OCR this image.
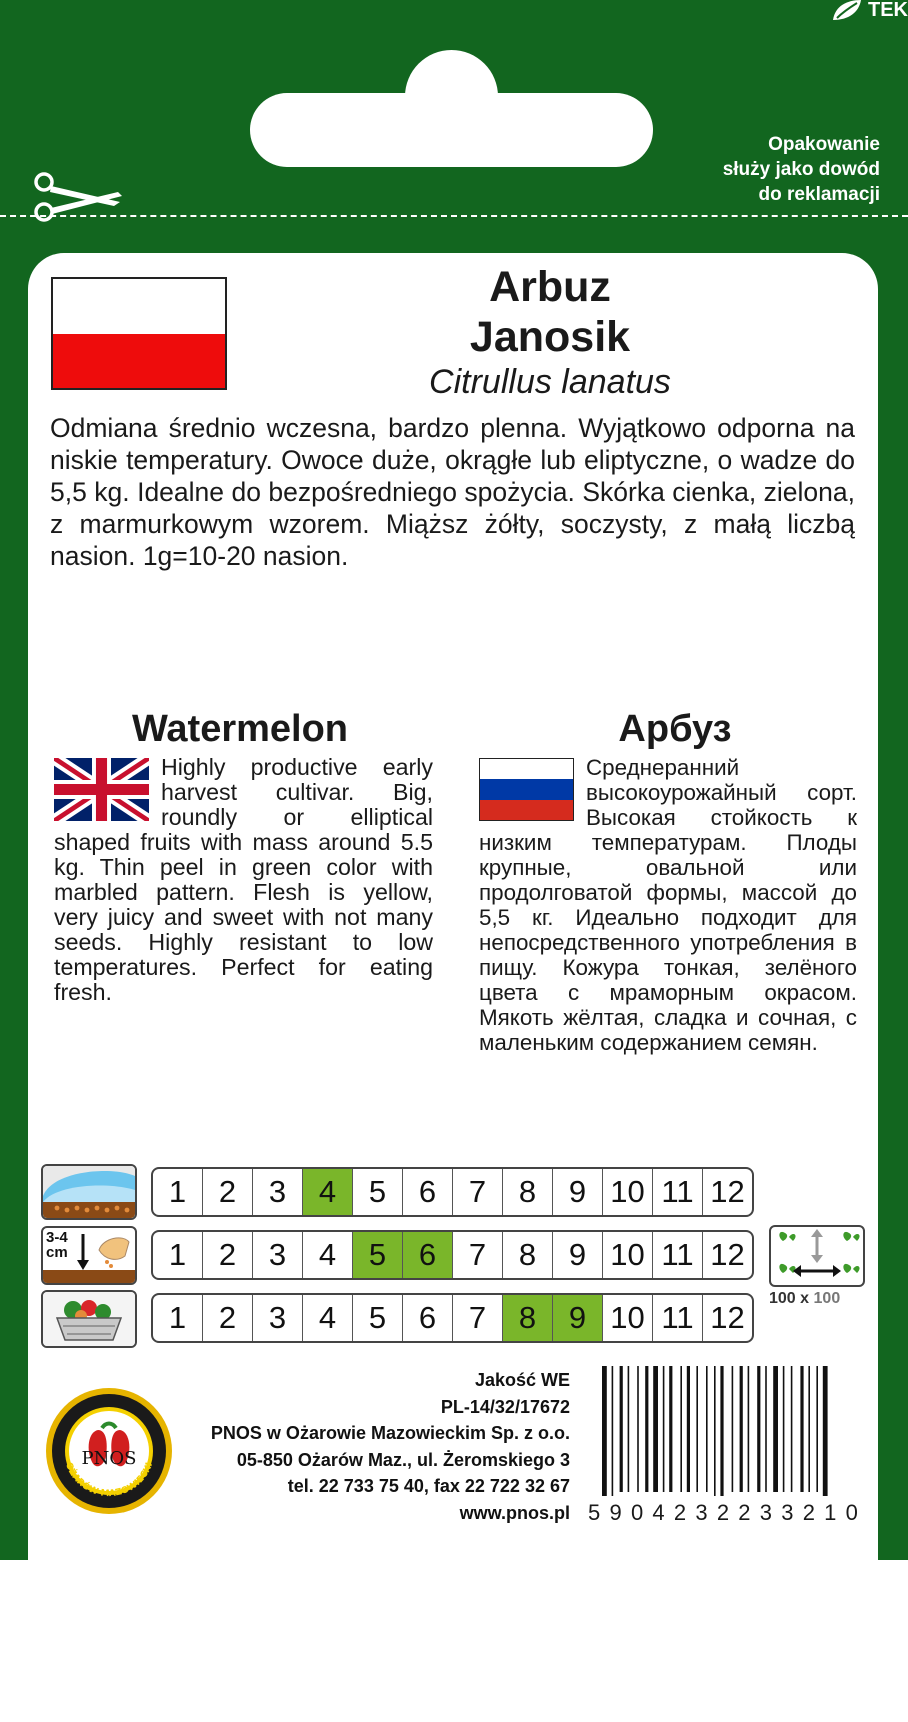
TEK
Opakowanie
służy jako dowód
do reklamacji
Arbuz
Janosik
Citrullus lanatus
Odmiana średnio wczesna, bardzo plenna. Wyjątkowo odporna na niskie temperatury. Owoce duże, okrągłe lub eliptyczne, o wadze do 5,5 kg. Idealne do bezpośredniego spożycia. Skórka cienka, zielona, z marmurkowym wzorem. Miąższ żółty, soczysty, z małą liczbą nasion. 1g=10-20 nasion.
Watermelon	Арбуз
Highly productive early harvest cultivar. Big, roundly or elliptical shaped fruits with mass around 5.5 kg. Thin peel in green color with marbled pattern. Flesh is yellow, very juicy and sweet with not many seeds. Highly resistant to low temperatures. Perfect for eating fresh.
Среднеранний высокоурожайный сорт. Высокая стойкость к низким температурам. Плоды крупные, овальной или продолговатой формы, массой до 5,5 кг. Идеально подходит для непосредственного употребления в пищу. Кожура тонкая, зелёного цвета с мраморным окрасом. Мякоть жёлтая, сладка и сочная, с маленьким содержанием семян.
1	2	3	4	5	6	7	8	9 10 11 12
3-4
cm	1	2	3	4	5	6	7	8	9 10 11 12
1	2	3	4	5	6	7	8	9 10 11 12
100 x 100
PNOS
OŻARÓW MAZOWIECKI
Jakość WE
PL-14/32/17672
PNOS w Ożarowie Mazowieckim Sp. z o.o.
05-850 Ożarów Maz., ul. Żeromskiego 3
tel. 22 733 75 40, fax 22 722 32 67
www.pnos.pl 5 9 0 4 2 3 2 2 3 3 2 1 0
